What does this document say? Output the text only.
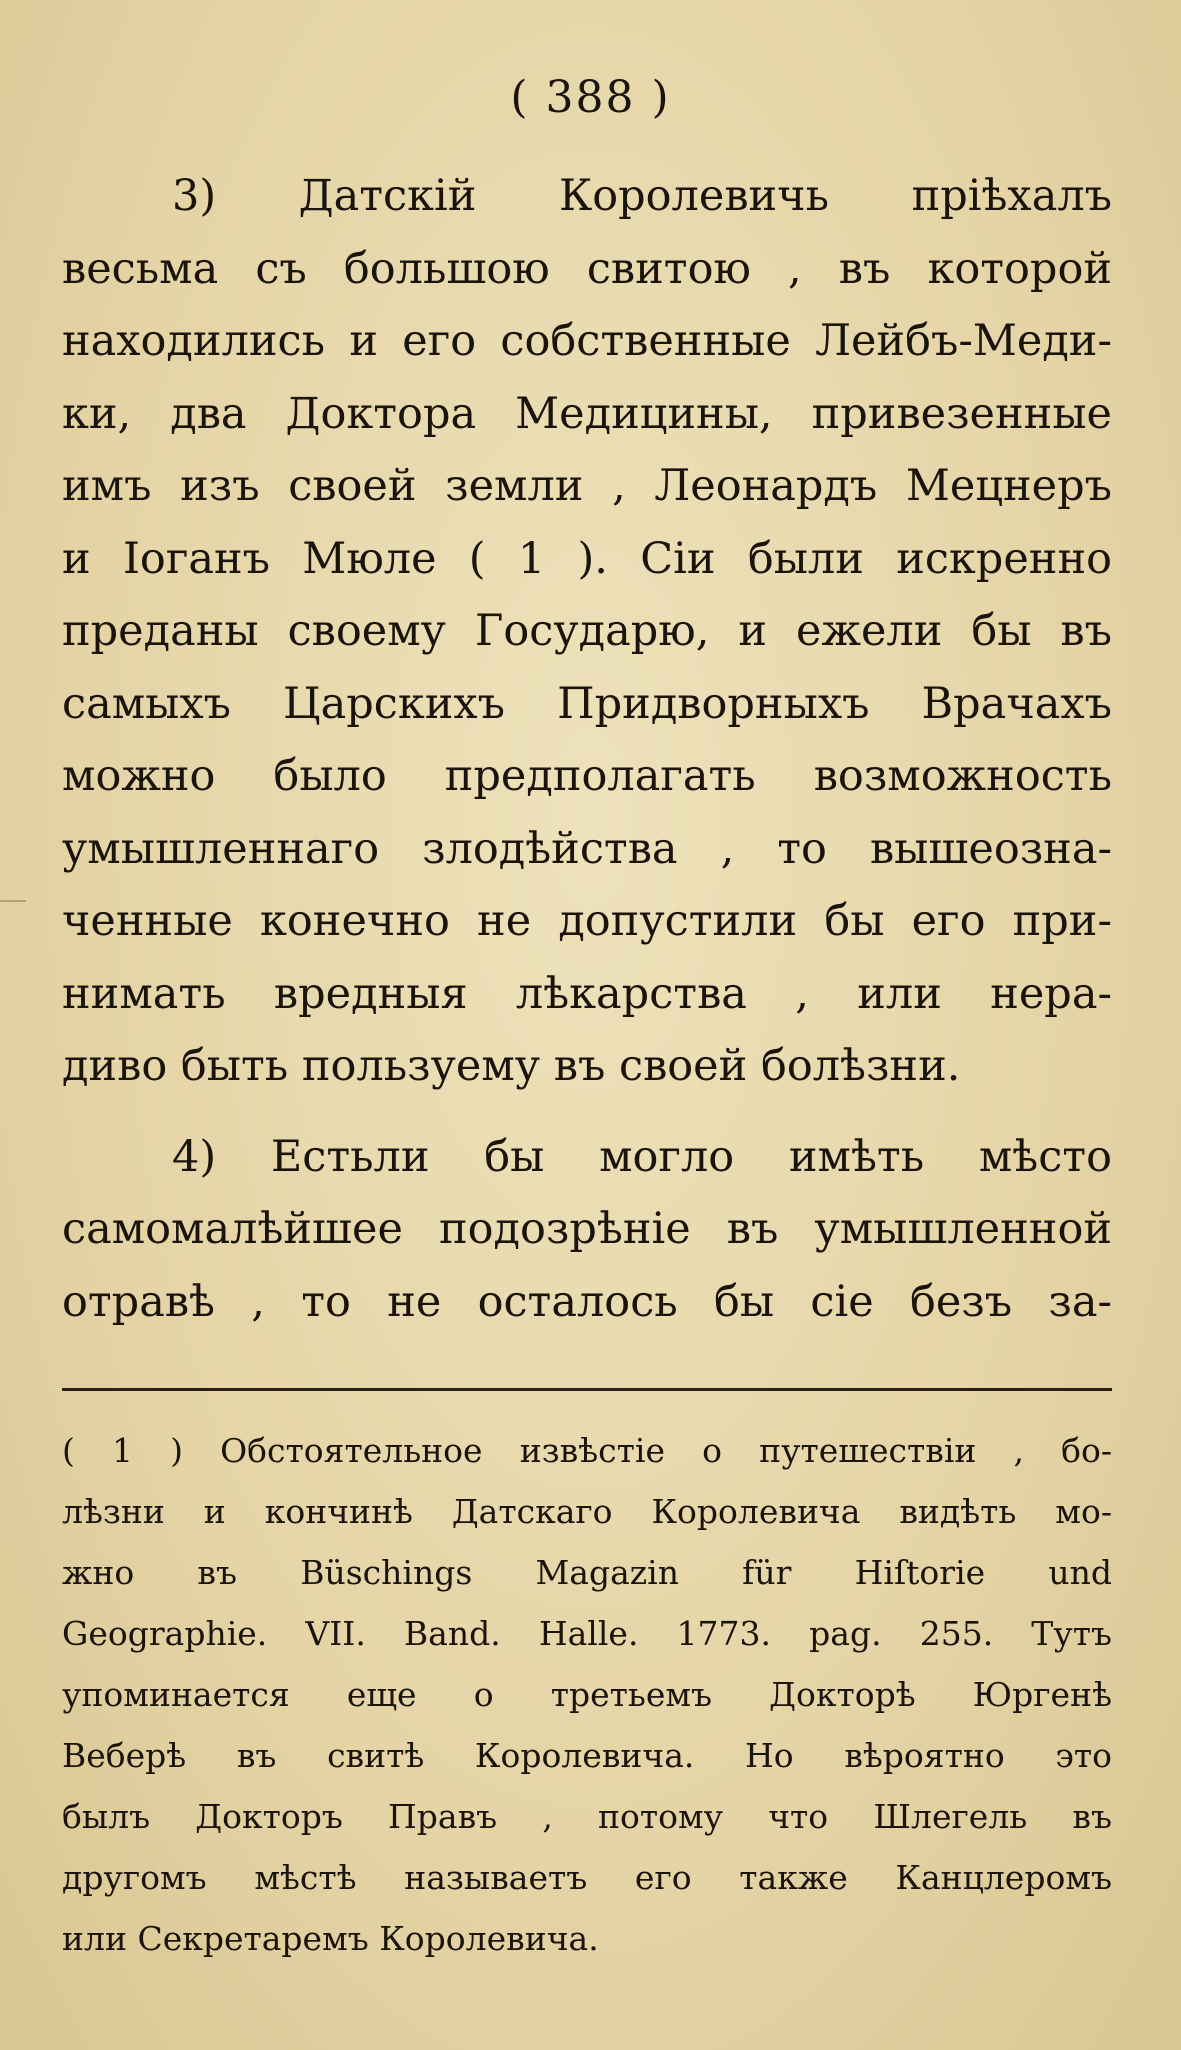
( 388 )
3) Датскій Королевичь пріѣхалъ
весьма съ большою свитою , въ которой
находились и его собственные Лейбъ-Меди-
ки, два Доктора Медицины, привезенные
имъ изъ своей земли , Леонардъ Мецнеръ
и Іоганъ Мюле ( 1 ). Сіи были искренно
преданы своему Государю, и ежели бы въ
самыхъ Царскихъ Придворныхъ Врачахъ
можно было предполагать возможность
умышленнаго злодѣйства , то вышеозна-
ченные конечно не допустили бы его при-
нимать вредныя лѣкарства , или нера-
диво быть пользуему въ своей болѣзни.
4) Естьли бы могло имѣть мѣсто
самомалѣйшее подозрѣніе въ умышленной
отравѣ , то не осталось бы сіе безъ за-
( 1 ) Обстоятельное извѣстіе о путешествіи , бо-
лѣзни и кончинѣ Датскаго Королевича видѣть мо-
жно въ Büschings Magazin für Hiſtorie und
Geographie. VII. Band. Halle. 1773. pag. 255. Тутъ
упоминается еще о третьемъ Докторѣ Юргенѣ
Веберѣ въ свитѣ Королевича. Но вѣроятно это
былъ Докторъ Правъ , потому что Шлегель въ
другомъ мѣстѣ называетъ его также Канцлеромъ
или Секретаремъ Королевича.
